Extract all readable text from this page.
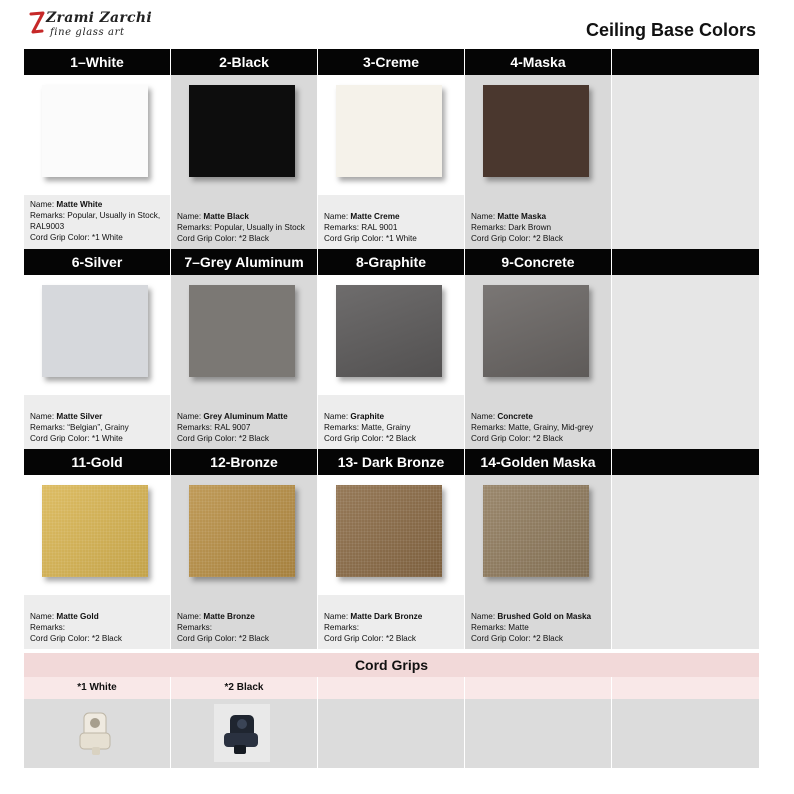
Zrami Zarchi
fine glass art	Ceiling Base Colors
1–White	2-Black	3-Creme	4-Maska
Name: Matte White
Remarks: Popular, Usually in Stock, RAL9003
Cord Grip Color: *1 White
Name: Matte Black
Remarks: Popular, Usually in Stock
Cord Grip Color: *2 Black
Name: Matte Creme
Remarks: RAL 9001
Cord Grip Color: *1 White
Name: Matte Maska
Remarks: Dark Brown
Cord Grip Color: *2 Black
6-Silver	7–Grey Aluminum	8-Graphite	9-Concrete
Name: Matte Silver
Remarks: “Belgian”, Grainy
Cord Grip Color: *1 White
Name: Grey Aluminum Matte
Remarks: RAL 9007
Cord Grip Color: *2 Black
Name: Graphite
Remarks: Matte, Grainy
Cord Grip Color: *2 Black
Name: Concrete
Remarks: Matte, Grainy, Mid-grey
Cord Grip Color: *2 Black
11-Gold	12-Bronze	13- Dark Bronze	14-Golden Maska
Name: Matte Gold
Remarks:
Cord Grip Color: *2 Black
Name: Matte Bronze
Remarks:
Cord Grip Color: *2 Black
Name: Matte Dark Bronze
Remarks:
Cord Grip Color: *2 Black
Name: Brushed Gold on Maska
Remarks: Matte
Cord Grip Color: *2 Black
Cord Grips
*1 White	*2 Black
